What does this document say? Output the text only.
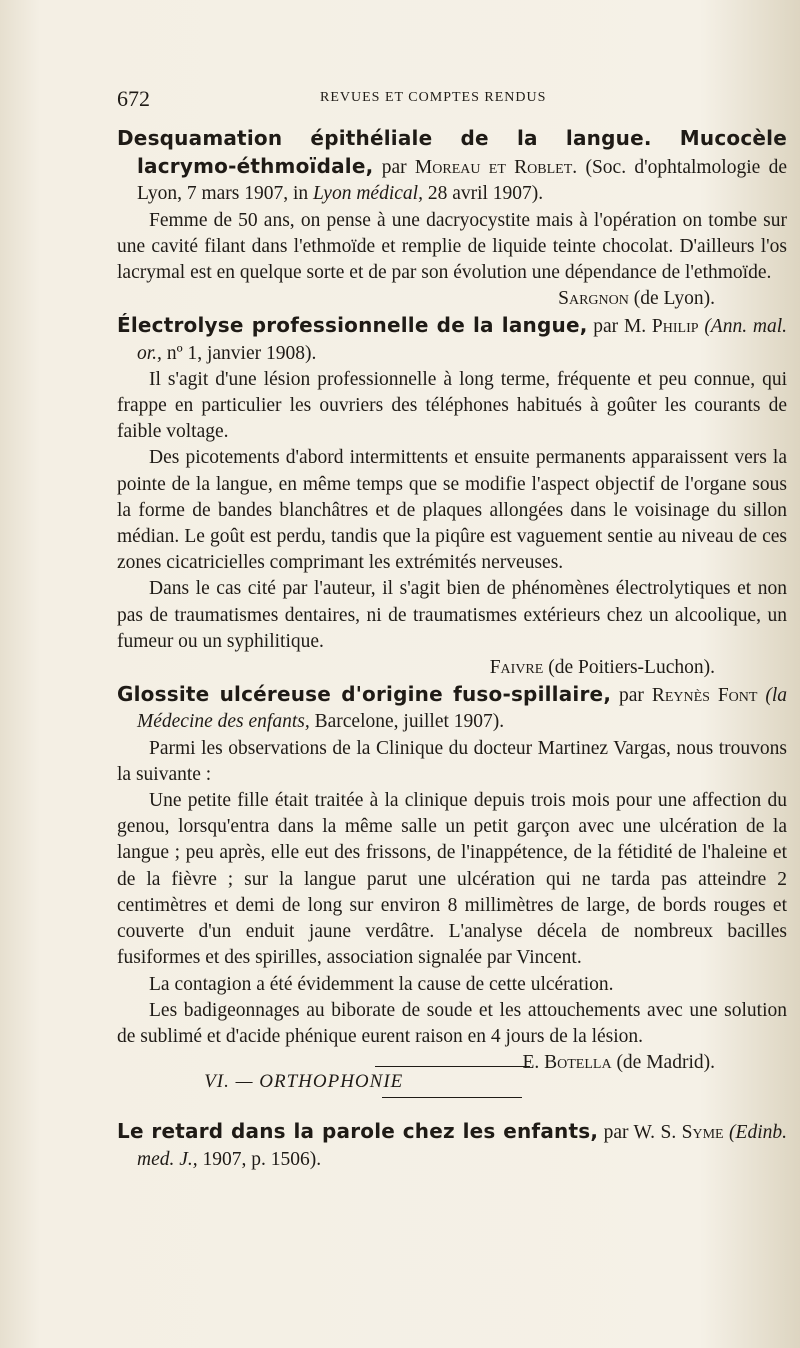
672	REVUES ET COMPTES RENDUS

Desquamation épithéliale de la langue. Mucocèle lacrymo-éthmoïdale, par Moreau et Roblet. (Soc. d'ophtalmologie de Lyon, 7 mars 1907, in Lyon médical, 28 avril 1907).

Femme de 50 ans, on pense à une dacryocystite mais à l'opération on tombe sur une cavité filant dans l'ethmoïde et remplie de liquide teinte chocolat. D'ailleurs l'os lacrymal est en quelque sorte et de par son évolution une dépendance de l'ethmoïde.

Sargnon (de Lyon).

Électrolyse professionnelle de la langue, par M. Philip (Ann. mal. or., nº 1, janvier 1908).

Il s'agit d'une lésion professionnelle à long terme, fréquente et peu connue, qui frappe en particulier les ouvriers des téléphones habitués à goûter les courants de faible voltage.

Des picotements d'abord intermittents et ensuite permanents apparaissent vers la pointe de la langue, en même temps que se modifie l'aspect objectif de l'organe sous la forme de bandes blanchâtres et de plaques allongées dans le voisinage du sillon médian. Le goût est perdu, tandis que la piqûre est vaguement sentie au niveau de ces zones cicatricielles comprimant les extrémités nerveuses.

Dans le cas cité par l'auteur, il s'agit bien de phénomènes électrolytiques et non pas de traumatismes dentaires, ni de traumatismes extérieurs chez un alcoolique, un fumeur ou un syphilitique.

Faivre (de Poitiers-Luchon).

Glossite ulcéreuse d'origine fuso-spillaire, par Reynès Font (la Médecine des enfants, Barcelone, juillet 1907).

Parmi les observations de la Clinique du docteur Martinez Vargas, nous trouvons la suivante :

Une petite fille était traitée à la clinique depuis trois mois pour une affection du genou, lorsqu'entra dans la même salle un petit garçon avec une ulcération de la langue ; peu après, elle eut des frissons, de l'inappétence, de la fétidité de l'haleine et de la fièvre ; sur la langue parut une ulcération qui ne tarda pas atteindre 2 centimètres et demi de long sur environ 8 millimètres de large, de bords rouges et couverte d'un enduit jaune verdâtre. L'analyse décela de nombreux bacilles fusiformes et des spirilles, association signalée par Vincent.

La contagion a été évidemment la cause de cette ulcération.

Les badigeonnages au biborate de soude et les attouchements avec une solution de sublimé et d'acide phénique eurent raison en 4 jours de la lésion.
E. Botella (de Madrid).

VI. — ORTHOPHONIE

Le retard dans la parole chez les enfants, par W. S. Syme (Edinb. med. J., 1907, p. 1506).
